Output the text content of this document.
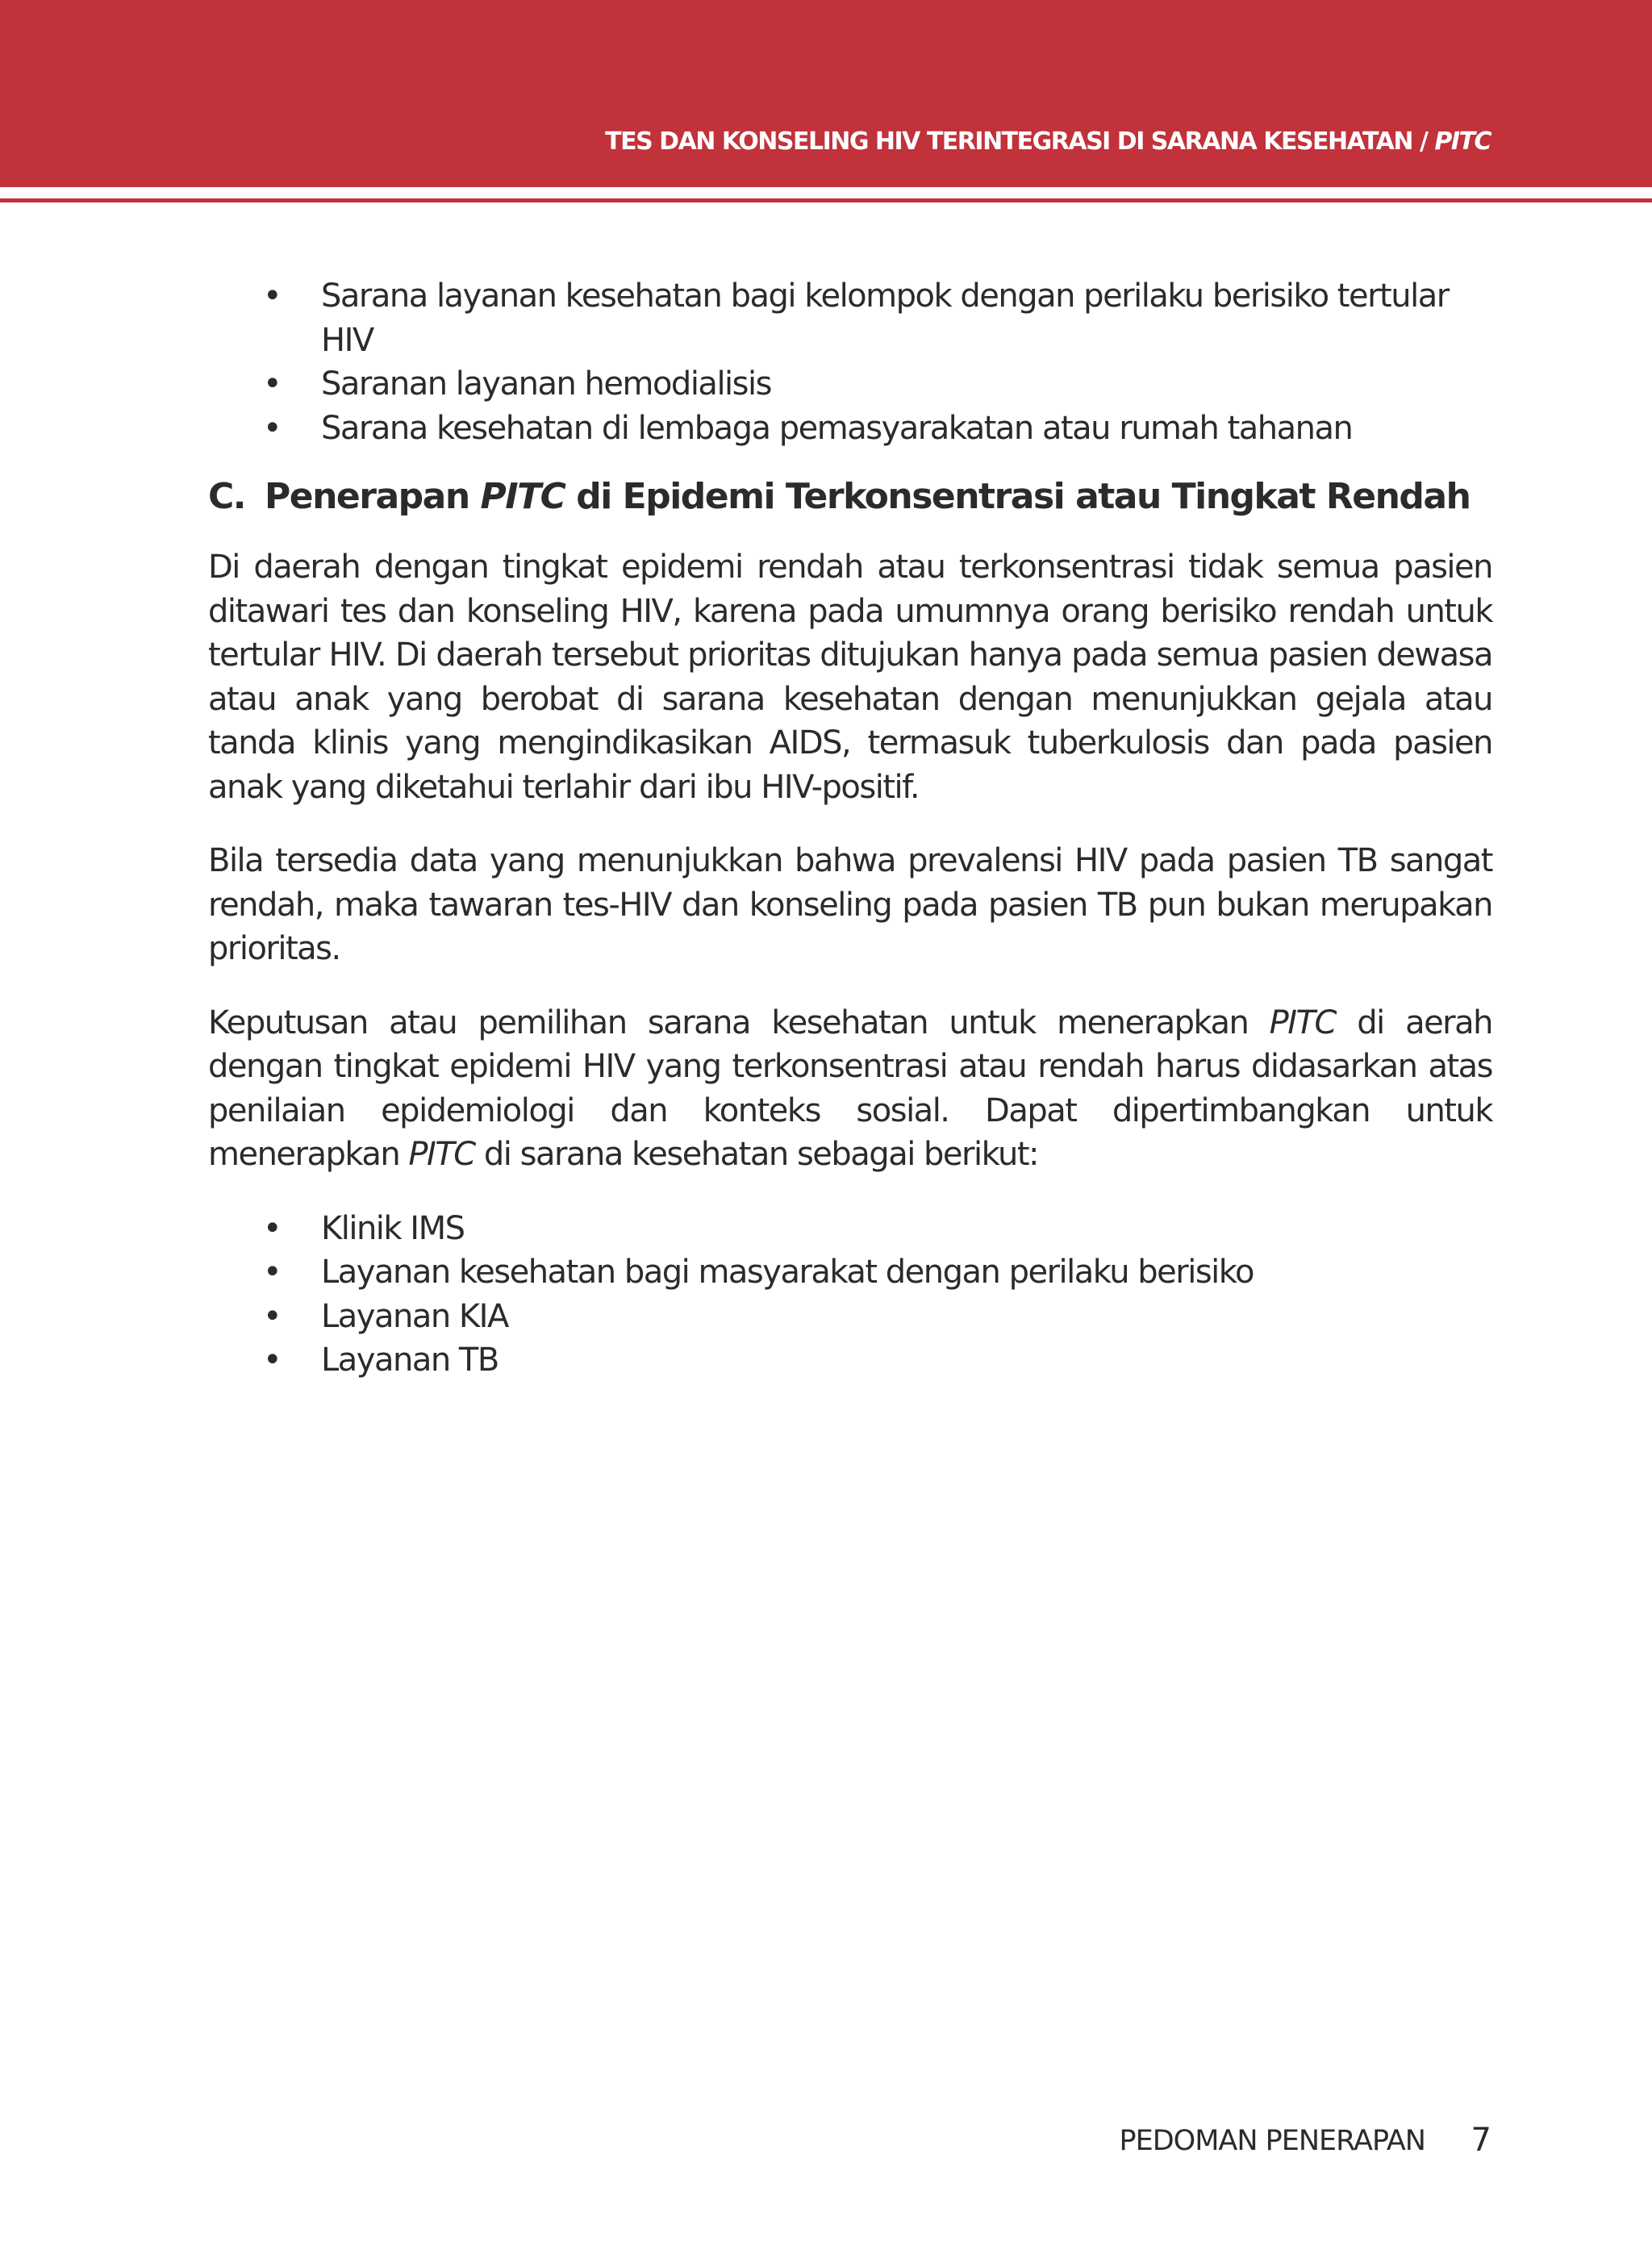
TES DAN KONSELING HIV TERINTEGRASI DI SARANA KESEHATAN / PITC
• Sarana layanan kesehatan bagi kelompok dengan perilaku berisiko tertular HIV
• Saranan layanan hemodialisis
• Sarana kesehatan di lembaga pemasyarakatan atau rumah tahanan
C. Penerapan PITC di Epidemi Terkonsentrasi atau Tingkat Rendah

Di daerah dengan tingkat epidemi rendah atau terkonsentrasi tidak semua pasien ditawari tes dan konseling HIV, karena pada umumnya orang berisiko rendah untuk tertular HIV. Di daerah tersebut prioritas ditujukan hanya pada semua pasien dewasa atau anak yang berobat di sarana kesehatan dengan menunjukkan gejala atau tanda klinis yang mengindikasikan AIDS, termasuk tuberkulosis dan pada pasien anak yang diketahui terlahir dari ibu HIV-positif.

Bila tersedia data yang menunjukkan bahwa prevalensi HIV pada pasien TB sangat rendah, maka tawaran tes-HIV dan konseling pada pasien TB pun bukan merupakan prioritas.

Keputusan atau pemilihan sarana kesehatan untuk menerapkan PITC di aerah dengan tingkat epidemi HIV yang terkonsentrasi atau rendah harus didasarkan atas penilaian epidemiologi dan konteks sosial. Dapat dipertimbangkan untuk menerapkan PITC di sarana kesehatan sebagai berikut:

• Klinik IMS
• Layanan kesehatan bagi masyarakat dengan perilaku berisiko
• Layanan KIA
• Layanan TB
PEDOMAN PENERAPAN 7
